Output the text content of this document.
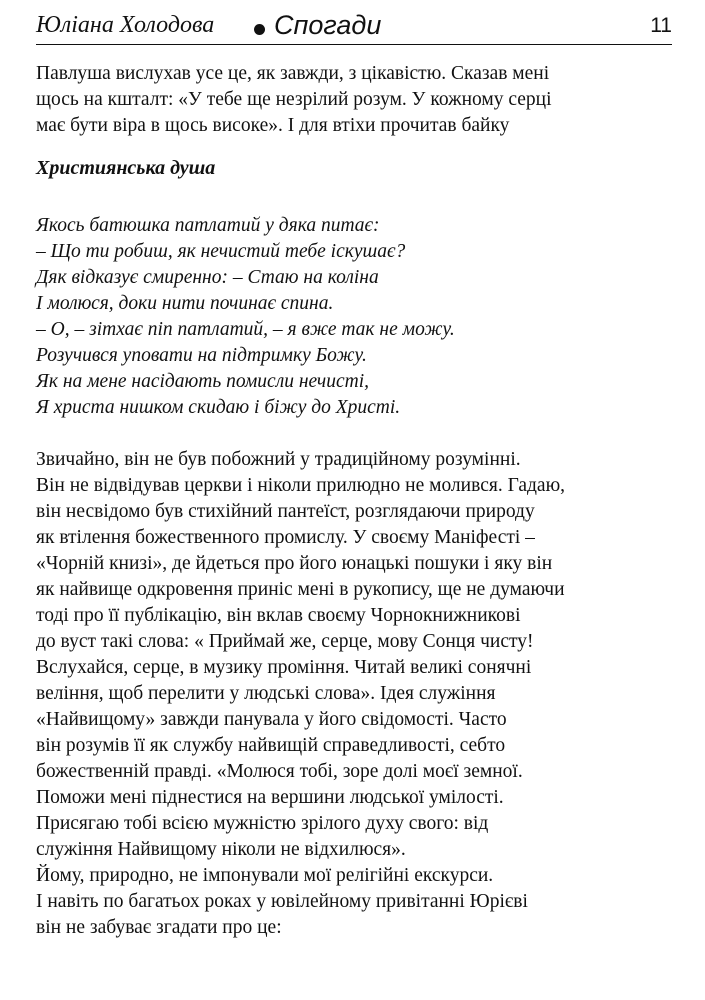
Юліана Холодова Спогади	11
Павлуша вислухав усе це, як завжди, з цікавістю. Сказав мені
щось на кшталт: «У тебе ще незрілий розум. У кожному серці
має бути віра в щось високе». І для втіхи прочитав байку
Християнська душа
Якось батюшка патлатий у дяка питає:
– Що ти робиш, як нечистий тебе іскушає?
Дяк відказує смиренно: – Стаю на коліна
І молюся, доки нити починає спина.
– О, – зітхає піп патлатий, – я вже так не можу.
Розучився уповати на підтримку Божу.
Як на мене насідають помисли нечисті,
Я христа нишком скидаю і біжу до Христі.
Звичайно, він не був побожний у традиційному розумінні.
Він не відвідував церкви і ніколи прилюдно не молився. Гадаю,
він несвідомо був стихійний пантеїст, розглядаючи природу
як втілення божественного промислу. У своєму Маніфесті –
«Чорній книзі», де йдеться про його юнацькі пошуки і яку він
як найвище одкровення приніс мені в рукопису, ще не думаючи
тоді про її публікацію, він вклав своєму Чорнокнижникові
до вуст такі слова: « Приймай же, серце, мову Сонця чисту!
Вслухайся, серце, в музику проміння. Читай великі сонячні
веління, щоб перелити у людські слова». Ідея служіння
«Найвищому» завжди панувала у його свідомості. Часто
він розумів її як службу найвищій справедливості, себто
божественній правді. «Молюся тобі, зоре долі моєї земної.
Поможи мені піднестися на вершини людської умілості.
Присягаю тобі всією мужністю зрілого духу свого: від
служіння Найвищому ніколи не відхилюся».
Йому, природно, не імпонували мої релігійні екскурси.
І навіть по багатьох роках у ювілейному привітанні Юрієві
він не забуває згадати про це:
